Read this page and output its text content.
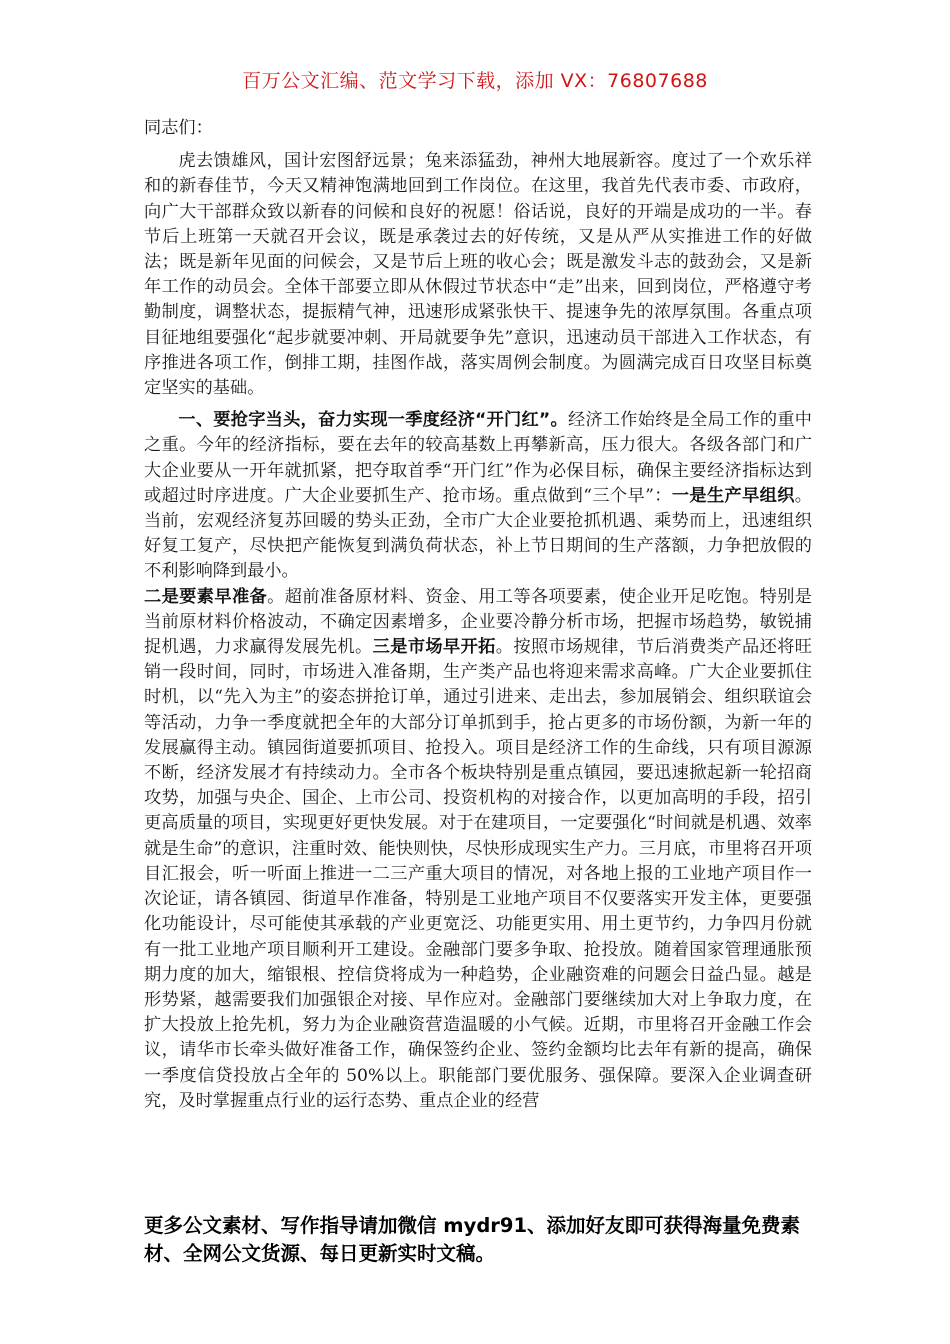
百万公文汇编、范文学习下载，添加 VX：76807688

同志们：

虎去馈雄风，国计宏图舒远景；兔来添猛劲，神州大地展新容。度过了一个欢乐祥和的新春佳节，今天又精神饱满地回到工作岗位。在这里，我首先代表市委、市政府，向广大干部群众致以新春的问候和良好的祝愿！俗话说，良好的开端是成功的一半。春节后上班第一天就召开会议，既是承袭过去的好传统，又是从严从实推进工作的好做法；既是新年见面的问候会，又是节后上班的收心会；既是激发斗志的鼓劲会，又是新年工作的动员会。全体干部要立即从休假过节状态中“走”出来，回到岗位，严格遵守考勤制度，调整状态，提振精气神，迅速形成紧张快干、提速争先的浓厚氛围。各重点项目征地组要强化“起步就要冲刺、开局就要争先”意识，迅速动员干部进入工作状态，有序推进各项工作，倒排工期，挂图作战，落实周例会制度。为圆满完成百日攻坚目标奠定坚实的基础。

一、要抢字当头，奋力实现一季度经济“开门红”。经济工作始终是全局工作的重中之重。今年的经济指标，要在去年的较高基数上再攀新高，压力很大。各级各部门和广大企业要从一开年就抓紧，把夺取首季“开门红”作为必保目标，确保主要经济指标达到或超过时序进度。广大企业要抓生产、抢市场。重点做到“三个早”：一是生产早组织。当前，宏观经济复苏回暖的势头正劲，全市广大企业要抢抓机遇、乘势而上，迅速组织好复工复产，尽快把产能恢复到满负荷状态，补上节日期间的生产落额，力争把放假的不利影响降到最小。
二是要素早准备。超前准备原材料、资金、用工等各项要素，使企业开足吃饱。特别是当前原材料价格波动，不确定因素增多，企业要冷静分析市场，把握市场趋势，敏锐捕捉机遇，力求赢得发展先机。三是市场早开拓。按照市场规律，节后消费类产品还将旺销一段时间，同时，市场进入准备期，生产类产品也将迎来需求高峰。广大企业要抓住时机，以“先入为主”的姿态拼抢订单，通过引进来、走出去，参加展销会、组织联谊会等活动，力争一季度就把全年的大部分订单抓到手，抢占更多的市场份额，为新一年的发展赢得主动。镇园街道要抓项目、抢投入。项目是经济工作的生命线，只有项目源源不断，经济发展才有持续动力。全市各个板块特别是重点镇园，要迅速掀起新一轮招商攻势，加强与央企、国企、上市公司、投资机构的对接合作，以更加高明的手段，招引更高质量的项目，实现更好更快发展。对于在建项目，一定要强化“时间就是机遇、效率就是生命”的意识，注重时效、能快则快，尽快形成现实生产力。三月底，市里将召开项目汇报会，听一听面上推进一二三产重大项目的情况，对各地上报的工业地产项目作一次论证，请各镇园、街道早作准备，特别是工业地产项目不仅要落实开发主体，更要强化功能设计，尽可能使其承载的产业更宽泛、功能更实用、用土更节约，力争四月份就有一批工业地产项目顺利开工建设。金融部门要多争取、抢投放。随着国家管理通胀预期力度的加大，缩银根、控信贷将成为一种趋势，企业融资难的问题会日益凸显。越是形势紧，越需要我们加强银企对接、早作应对。金融部门要继续加大对上争取力度，在扩大投放上抢先机，努力为企业融资营造温暖的小气候。近期，市里将召开金融工作会议，请华市长牵头做好准备工作，确保签约企业、签约金额均比去年有新的提高，确保一季度信贷投放占全年的 50%以上。职能部门要优服务、强保障。要深入企业调查研究，及时掌握重点行业的运行态势、重点企业的经营

更多公文素材、写作指导请加微信 mydr91、添加好友即可获得海量免费素材、全网公文货源、每日更新实时文稿。
